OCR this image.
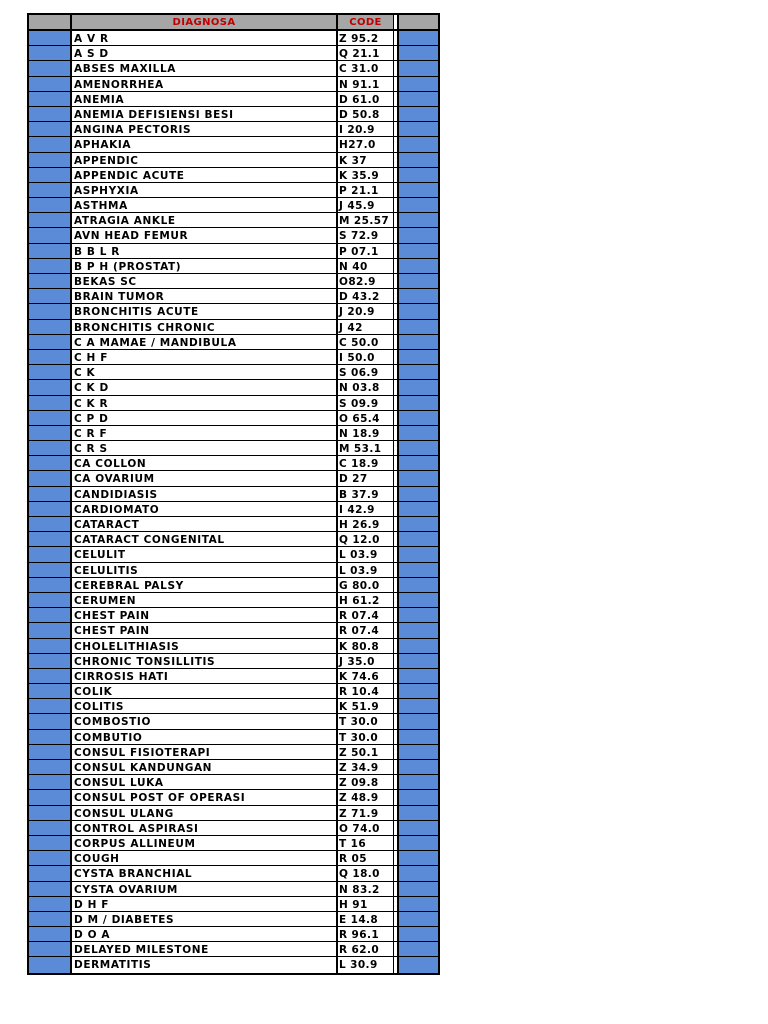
DIAGNOSA	CODE
A V R	Z 95.2
A S D	Q 21.1
ABSES MAXILLA	C 31.0
AMENORRHEA	N 91.1
ANEMIA	D 61.0
ANEMIA DEFISIENSI BESI	D 50.8
ANGINA PECTORIS	I 20.9
APHAKIA	H27.0
APPENDIC	K 37
APPENDIC ACUTE	K 35.9
ASPHYXIA	P 21.1
ASTHMA	J 45.9
ATRAGIA ANKLE	M 25.57
AVN HEAD FEMUR	S 72.9
B B L R	P 07.1
B P H (PROSTAT)	N 40
BEKAS SC	O82.9
BRAIN TUMOR	D 43.2
BRONCHITIS ACUTE	J 20.9
BRONCHITIS CHRONIC	J 42
C A MAMAE / MANDIBULA	C 50.0
C H F	I 50.0
C K	S 06.9
C K D	N 03.8
C K R	S 09.9
C P D	O 65.4
C R F	N 18.9
C R S	M 53.1
CA COLLON	C 18.9
CA OVARIUM	D 27
CANDIDIASIS	B 37.9
CARDIOMATO	I 42.9
CATARACT	H 26.9
CATARACT CONGENITAL	Q 12.0
CELULIT	L 03.9
CELULITIS	L 03.9
CEREBRAL PALSY	G 80.0
CERUMEN	H 61.2
CHEST PAIN	R 07.4
CHEST PAIN	R 07.4
CHOLELITHIASIS	K 80.8
CHRONIC TONSILLITIS	J 35.0
CIRROSIS HATI	K 74.6
COLIK	R 10.4
COLITIS	K 51.9
COMBOSTIO	T 30.0
COMBUTIO	T 30.0
CONSUL FISIOTERAPI	Z 50.1
CONSUL KANDUNGAN	Z 34.9
CONSUL LUKA	Z 09.8
CONSUL POST OF OPERASI	Z 48.9
CONSUL ULANG	Z 71.9
CONTROL ASPIRASI	O 74.0
CORPUS ALLINEUM	T 16
COUGH	R 05
CYSTA BRANCHIAL	Q 18.0
CYSTA OVARIUM	N 83.2
D H F	H 91
D M / DIABETES	E 14.8
D O A	R 96.1
DELAYED MILESTONE	R 62.0
DERMATITIS	L 30.9
